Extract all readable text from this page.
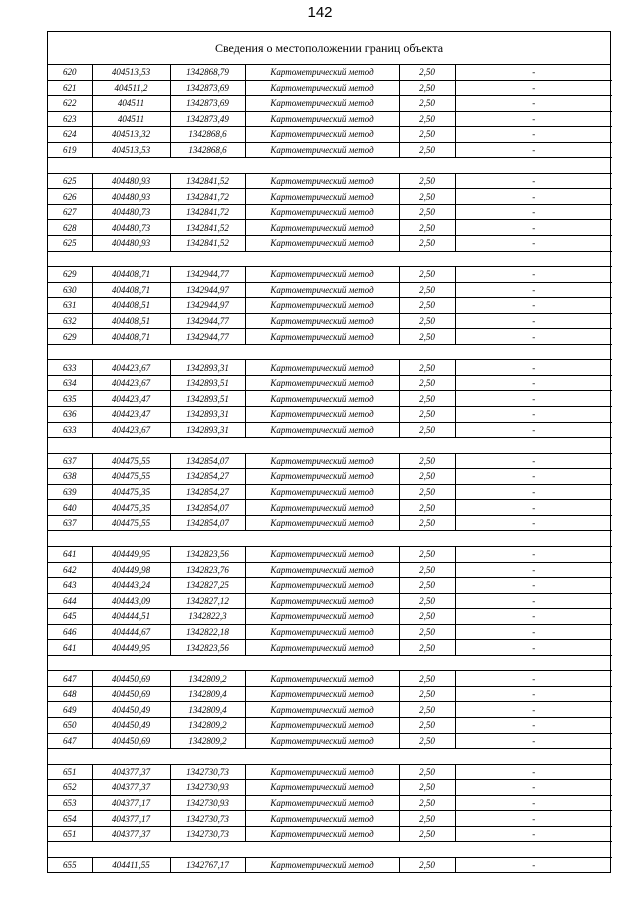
142
Сведения о местоположении границ объекта
620	404513,53	1342868,79	Картометрический метод	2,50	-
621	404511,2	1342873,69	Картометрический метод	2,50	-
622	404511	1342873,69	Картометрический метод	2,50	-
623	404511	1342873,49	Картометрический метод	2,50	-
624	404513,32	1342868,6	Картометрический метод	2,50	-
619	404513,53	1342868,6	Картометрический метод	2,50	-

625	404480,93	1342841,52	Картометрический метод	2,50	-
626	404480,93	1342841,72	Картометрический метод	2,50	-
627	404480,73	1342841,72	Картометрический метод	2,50	-
628	404480,73	1342841,52	Картометрический метод	2,50	-
625	404480,93	1342841,52	Картометрический метод	2,50	-

629	404408,71	1342944,77	Картометрический метод	2,50	-
630	404408,71	1342944,97	Картометрический метод	2,50	-
631	404408,51	1342944,97	Картометрический метод	2,50	-
632	404408,51	1342944,77	Картометрический метод	2,50	-
629	404408,71	1342944,77	Картометрический метод	2,50	-

633	404423,67	1342893,31	Картометрический метод	2,50	-
634	404423,67	1342893,51	Картометрический метод	2,50	-
635	404423,47	1342893,51	Картометрический метод	2,50	-
636	404423,47	1342893,31	Картометрический метод	2,50	-
633	404423,67	1342893,31	Картометрический метод	2,50	-

637	404475,55	1342854,07	Картометрический метод	2,50	-
638	404475,55	1342854,27	Картометрический метод	2,50	-
639	404475,35	1342854,27	Картометрический метод	2,50	-
640	404475,35	1342854,07	Картометрический метод	2,50	-
637	404475,55	1342854,07	Картометрический метод	2,50	-

641	404449,95	1342823,56	Картометрический метод	2,50	-
642	404449,98	1342823,76	Картометрический метод	2,50	-
643	404443,24	1342827,25	Картометрический метод	2,50	-
644	404443,09	1342827,12	Картометрический метод	2,50	-
645	404444,51	1342822,3	Картометрический метод	2,50	-
646	404444,67	1342822,18	Картометрический метод	2,50	-
641	404449,95	1342823,56	Картометрический метод	2,50	-

647	404450,69	1342809,2	Картометрический метод	2,50	-
648	404450,69	1342809,4	Картометрический метод	2,50	-
649	404450,49	1342809,4	Картометрический метод	2,50	-
650	404450,49	1342809,2	Картометрический метод	2,50	-
647	404450,69	1342809,2	Картометрический метод	2,50	-

651	404377,37	1342730,73	Картометрический метод	2,50	-
652	404377,37	1342730,93	Картометрический метод	2,50	-
653	404377,17	1342730,93	Картометрический метод	2,50	-
654	404377,17	1342730,73	Картометрический метод	2,50	-
651	404377,37	1342730,73	Картометрический метод	2,50	-

655	404411,55	1342767,17	Картометрический метод	2,50	-
